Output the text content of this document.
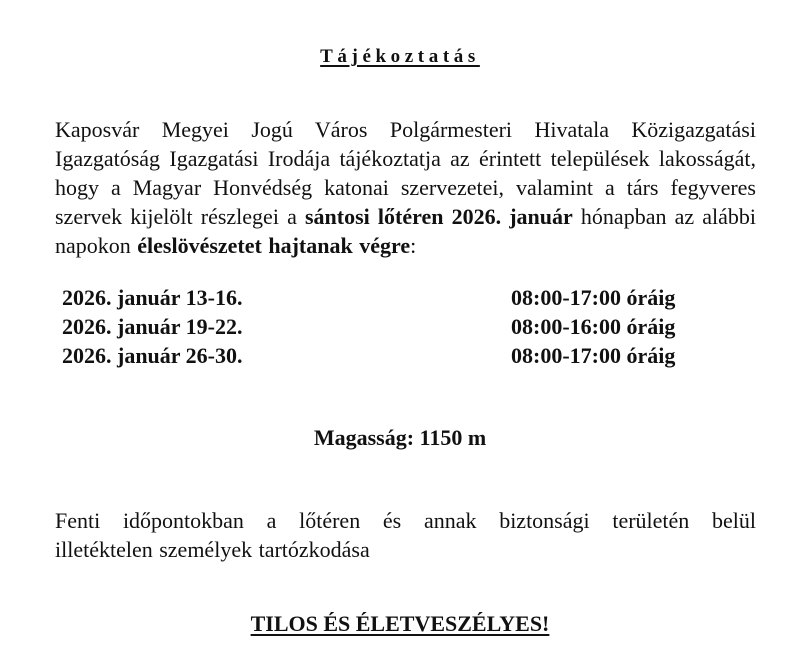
Tájékoztatás

Kaposvár Megyei Jogú Város Polgármesteri Hivatala Közigazgatási Igazgatóság Igazgatási Irodája tájékoztatja az érintett települések lakosságát, hogy a Magyar Honvédség katonai szervezetei, valamint a társ fegyveres szervek kijelölt részlegei a sántosi lőtéren 2026. január hónapban az alábbi napokon éleslövészetet hajtanak végre:

2026. január 13-16.	08:00-17:00 óráig
2026. január 19-22.	08:00-16:00 óráig
2026. január 26-30.	08:00-17:00 óráig
Magasság: 1150 m

Fenti időpontokban a lőtéren és annak biztonsági területén belül
illetéktelen személyek tartózkodása

TILOS ÉS ÉLETVESZÉLYES!
